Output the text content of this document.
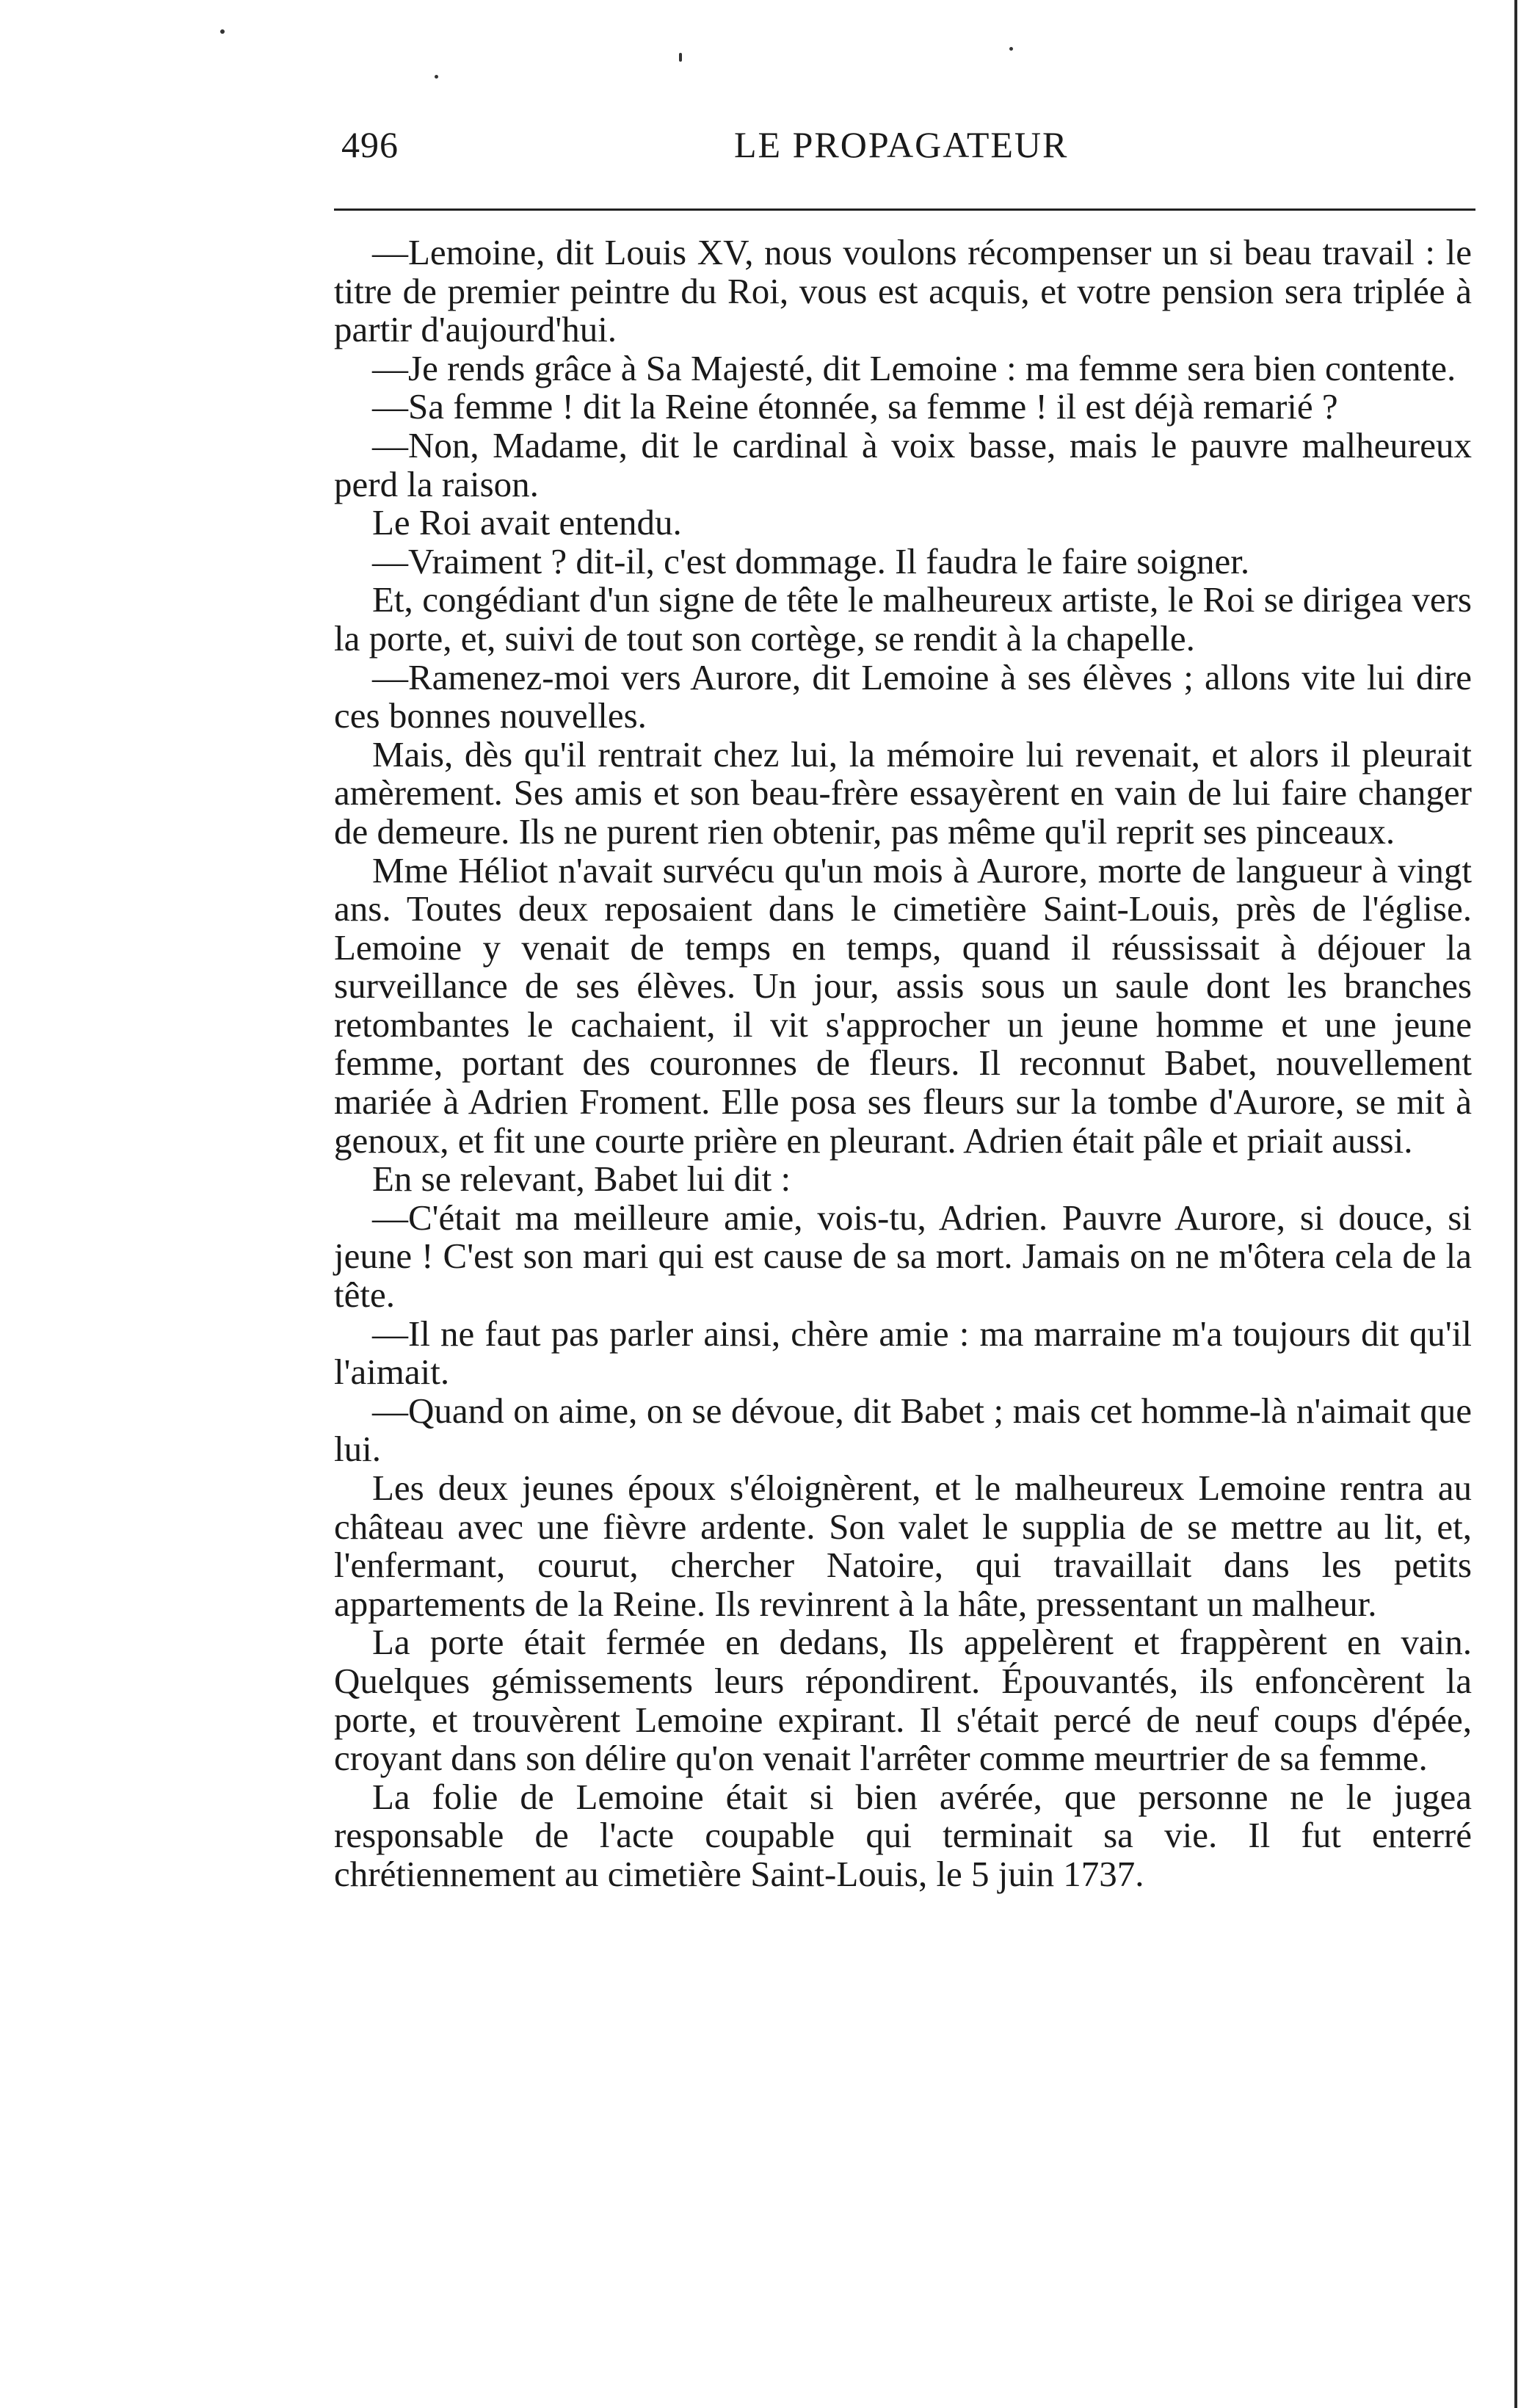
496	LE PROPAGATEUR

—Lemoine, dit Louis XV, nous voulons récompenser un si beau travail : le titre de premier peintre du Roi, vous est acquis, et votre pension sera triplée à partir d'aujourd'hui.

—Je rends grâce à Sa Majesté, dit Lemoine : ma femme sera bien contente.

—Sa femme ! dit la Reine étonnée, sa femme ! il est déjà remarié ?

—Non, Madame, dit le cardinal à voix basse, mais le pauvre malheureux perd la raison.

Le Roi avait entendu.

—Vraiment ? dit-il, c'est dommage. Il faudra le faire soigner.

Et, congédiant d'un signe de tête le malheureux artiste, le Roi se dirigea vers la porte, et, suivi de tout son cortège, se rendit à la chapelle.

—Ramenez-moi vers Aurore, dit Lemoine à ses élèves ; allons vite lui dire ces bonnes nouvelles.

Mais, dès qu'il rentrait chez lui, la mémoire lui revenait, et alors il pleurait amèrement. Ses amis et son beau-frère essayèrent en vain de lui faire changer de demeure. Ils ne purent rien obtenir, pas même qu'il reprit ses pinceaux.

Mme Héliot n'avait survécu qu'un mois à Aurore, morte de langueur à vingt ans. Toutes deux reposaient dans le cimetière Saint-Louis, près de l'église. Lemoine y venait de temps en temps, quand il réussissait à déjouer la surveillance de ses élèves. Un jour, assis sous un saule dont les branches retombantes le cachaient, il vit s'approcher un jeune homme et une jeune femme, portant des couronnes de fleurs. Il reconnut Babet, nouvellement mariée à Adrien Froment. Elle posa ses fleurs sur la tombe d'Aurore, se mit à genoux, et fit une courte prière en pleurant. Adrien était pâle et priait aussi.

En se relevant, Babet lui dit :

—C'était ma meilleure amie, vois-tu, Adrien. Pauvre Aurore, si douce, si jeune ! C'est son mari qui est cause de sa mort. Jamais on ne m'ôtera cela de la tête.

—Il ne faut pas parler ainsi, chère amie : ma marraine m'a toujours dit qu'il l'aimait.

—Quand on aime, on se dévoue, dit Babet ; mais cet homme-là n'aimait que lui.

Les deux jeunes époux s'éloignèrent, et le malheureux Lemoine rentra au château avec une fièvre ardente. Son valet le supplia de se mettre au lit, et, l'enfermant, courut, chercher Natoire, qui travaillait dans les petits appartements de la Reine. Ils revinrent à la hâte, pressentant un malheur.

La porte était fermée en dedans, Ils appelèrent et frappèrent en vain. Quelques gémissements leurs répondirent. Épouvantés, ils enfoncèrent la porte, et trouvèrent Lemoine expirant. Il s'était percé de neuf coups d'épée, croyant dans son délire qu'on venait l'arrêter comme meurtrier de sa femme.

La folie de Lemoine était si bien avérée, que personne ne le jugea responsable de l'acte coupable qui terminait sa vie. Il fut enterré chrétiennement au cimetière Saint-Louis, le 5 juin 1737.
